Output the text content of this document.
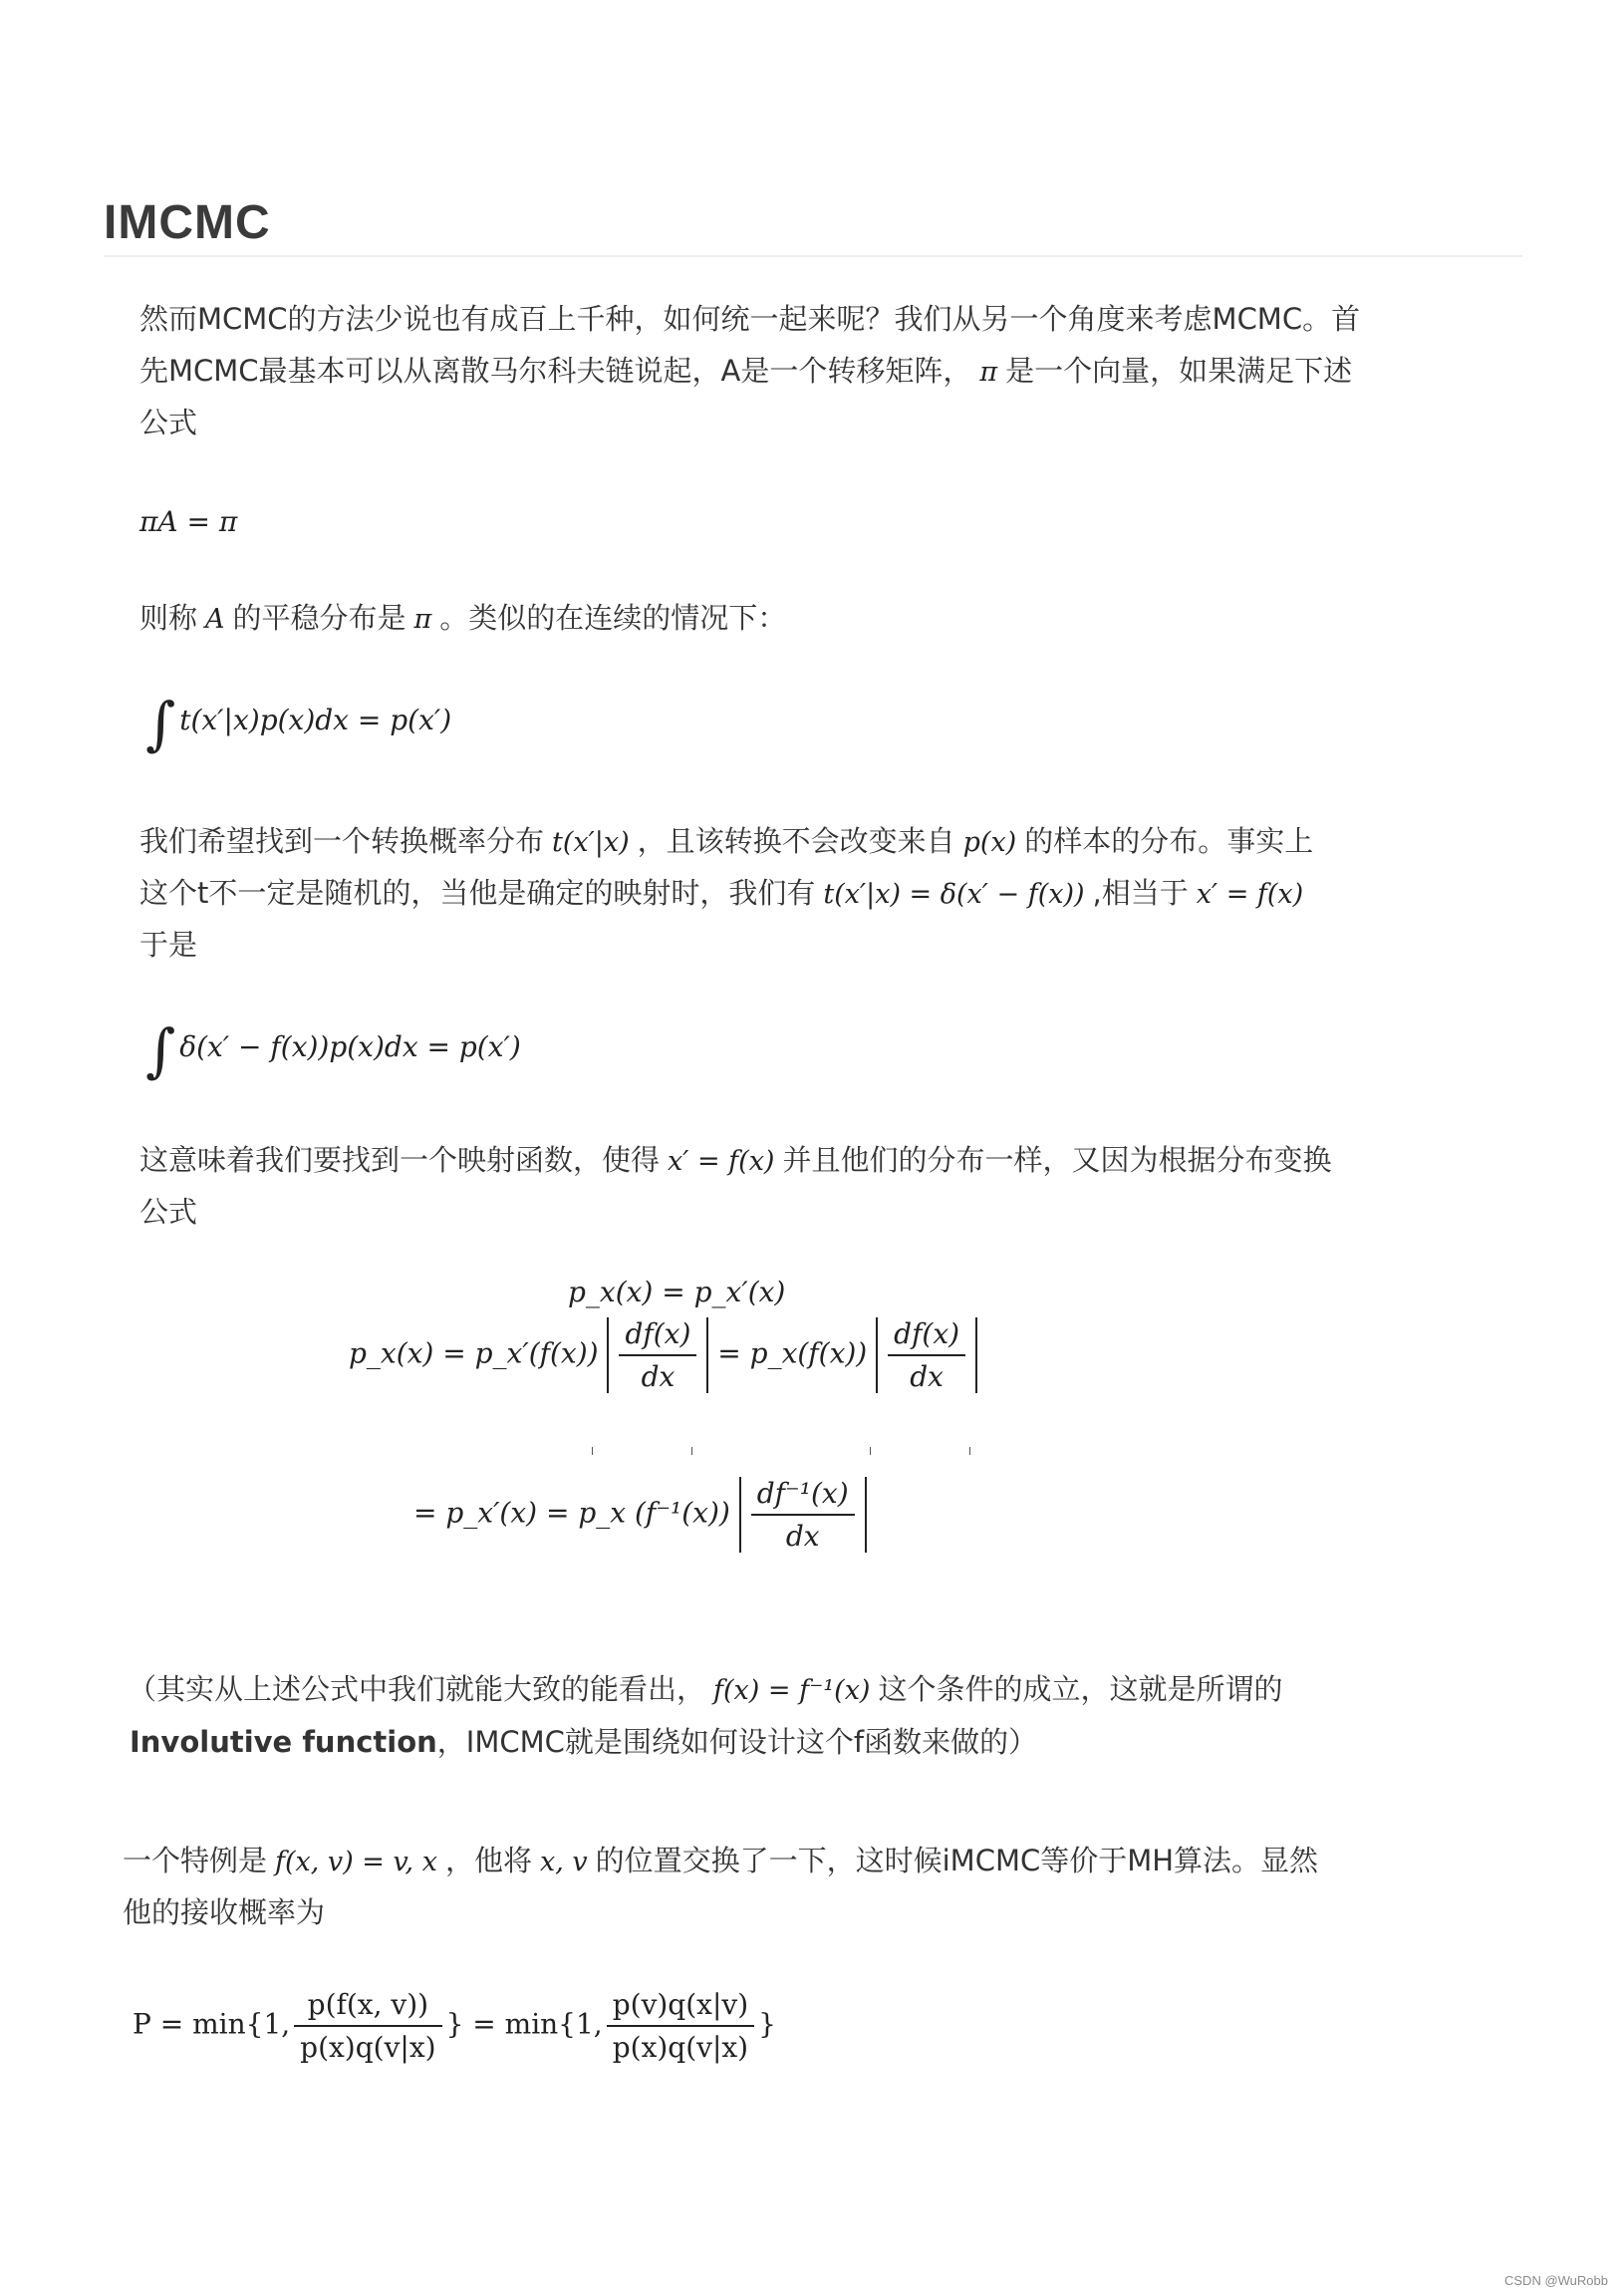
IMCMC
然而MCMC的方法少说也有成百上千种，如何统一起来呢？我们从另一个角度来考虑MCMC。首
先MCMC最基本可以从离散马尔科夫链说起，A是一个转移矩阵， π 是一个向量，如果满足下述
公式
πA = π
则称 A 的平稳分布是 π 。类似的在连续的情况下：
∫ t(x′|x)p(x)dx = p(x′)
我们希望找到一个转换概率分布 t(x′|x) ，且该转换不会改变来自 p(x) 的样本的分布。事实上
这个t不一定是随机的，当他是确定的映射时，我们有 t(x′|x) = δ(x′ − f(x)) ,相当于 x′ = f(x)
于是
∫ δ(x′ − f(x))p(x)dx = p(x′)
这意味着我们要找到一个映射函数，使得 x′ = f(x) 并且他们的分布一样，又因为根据分布变换
公式
p_x(x) = p_x′(x)
p_x(x) = p_x′(f(x)) $\frac{df(x)}{dx}$ = p_x(f(x)) $\frac{df(x)}{dx}$
= p_x′(x) = p_x $(f^{-1}(x)) \frac{\text{df⁻¹(x)}}{dx}$
（其实从上述公式中我们就能大致的能看出， f(x) = f⁻¹(x) 这个条件的成立，这就是所谓的
Involutive function，IMCMC就是围绕如何设计这个f函数来做的）
一个特例是 f(x, v) = v, x ，他将 x, v 的位置交换了一下，这时候iMCMC等价于MH算法。显然
他的接收概率为
P = min{1, $\frac{p(f(x, v))}{p(x)q(v|x)}$ } = min{1, $\frac{p(v)q(x|v)}{p(x)q(v|x)}$ }
CSDN @WuRobb
